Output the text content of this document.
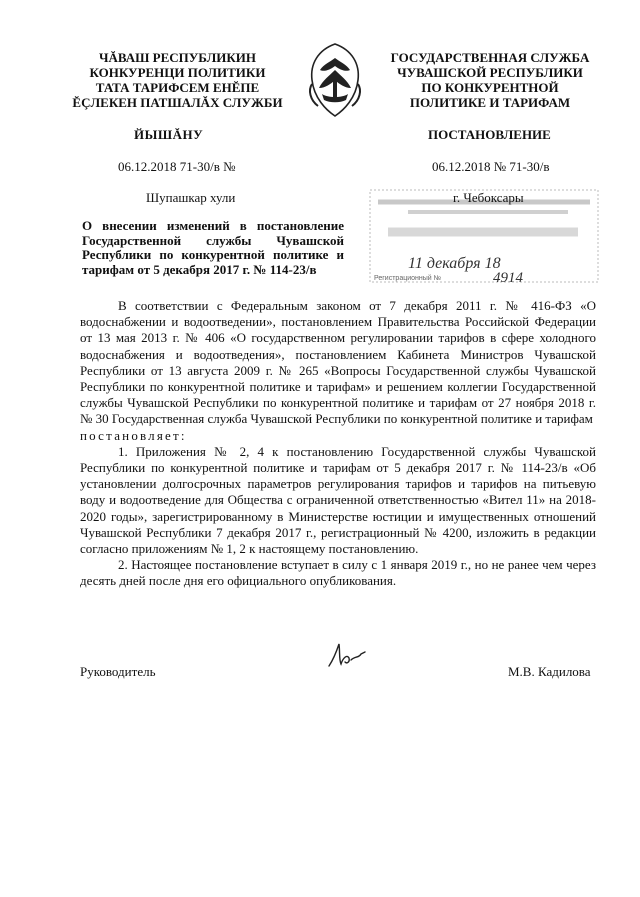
ЧĂВАШ РЕСПУБЛИКИН
КОНКУРЕНЦИ ПОЛИТИКИ
ТАТА ТАРИФСЕМ ЕНĔПЕ
ĔÇЛЕКЕН ПАТШАЛĂХ СЛУЖБИ
ГОСУДАРСТВЕННАЯ СЛУЖБА
ЧУВАШСКОЙ РЕСПУБЛИКИ
ПО КОНКУРЕНТНОЙ
ПОЛИТИКЕ И ТАРИФАМ
ЙЫШĂНУ	ПОСТАНОВЛЕНИЕ
06.12.2018 71-30/в №	06.12.2018 № 71-30/в
Шупашкар хули
11 декабря 18
Регистрационный №	4914
г. Чебоксары
О внесении изменений в постановление Государственной службы Чувашской Республики по конкурентной политике и тарифам от 5 декабря 2017 г. № 114-23/в

В соответствии с Федеральным законом от 7 декабря 2011 г. № 416-ФЗ «О водоснабжении и водоотведении», постановлением Правительства Российской Федерации от 13 мая 2013 г. № 406 «О государственном регулировании тарифов в сфере холодного водоснабжения и водоотведения», постановлением Кабинета Министров Чувашской Республики от 13 августа 2009 г. № 265 «Вопросы Государственной службы Чувашской Республики по конкурентной политике и тарифам» и решением коллегии Государственной службы Чувашской Республики по конкурентной политике и тарифам от 27 ноября 2018 г. № 30 Государственная служба Чувашской Республики по конкурентной политике и тарифам

постановляет:

1. Приложения № 2, 4 к постановлению Государственной службы Чувашской Республики по конкурентной политике и тарифам от 5 декабря 2017 г. № 114-23/в «Об установлении долгосрочных параметров регулирования тарифов и тарифов на питьевую воду и водоотведение для Общества с ограниченной ответственностью «Вител 11» на 2018-2020 годы», зарегистрированному в Министерстве юстиции и имущественных отношений Чувашской Республики 7 декабря 2017 г., регистрационный № 4200, изложить в редакции согласно приложениям № 1, 2 к настоящему постановлению.

2. Настоящее постановление вступает в силу с 1 января 2019 г., но не ранее чем через десять дней после дня его официального опубликования.

Руководитель	М.В. Кадилова
